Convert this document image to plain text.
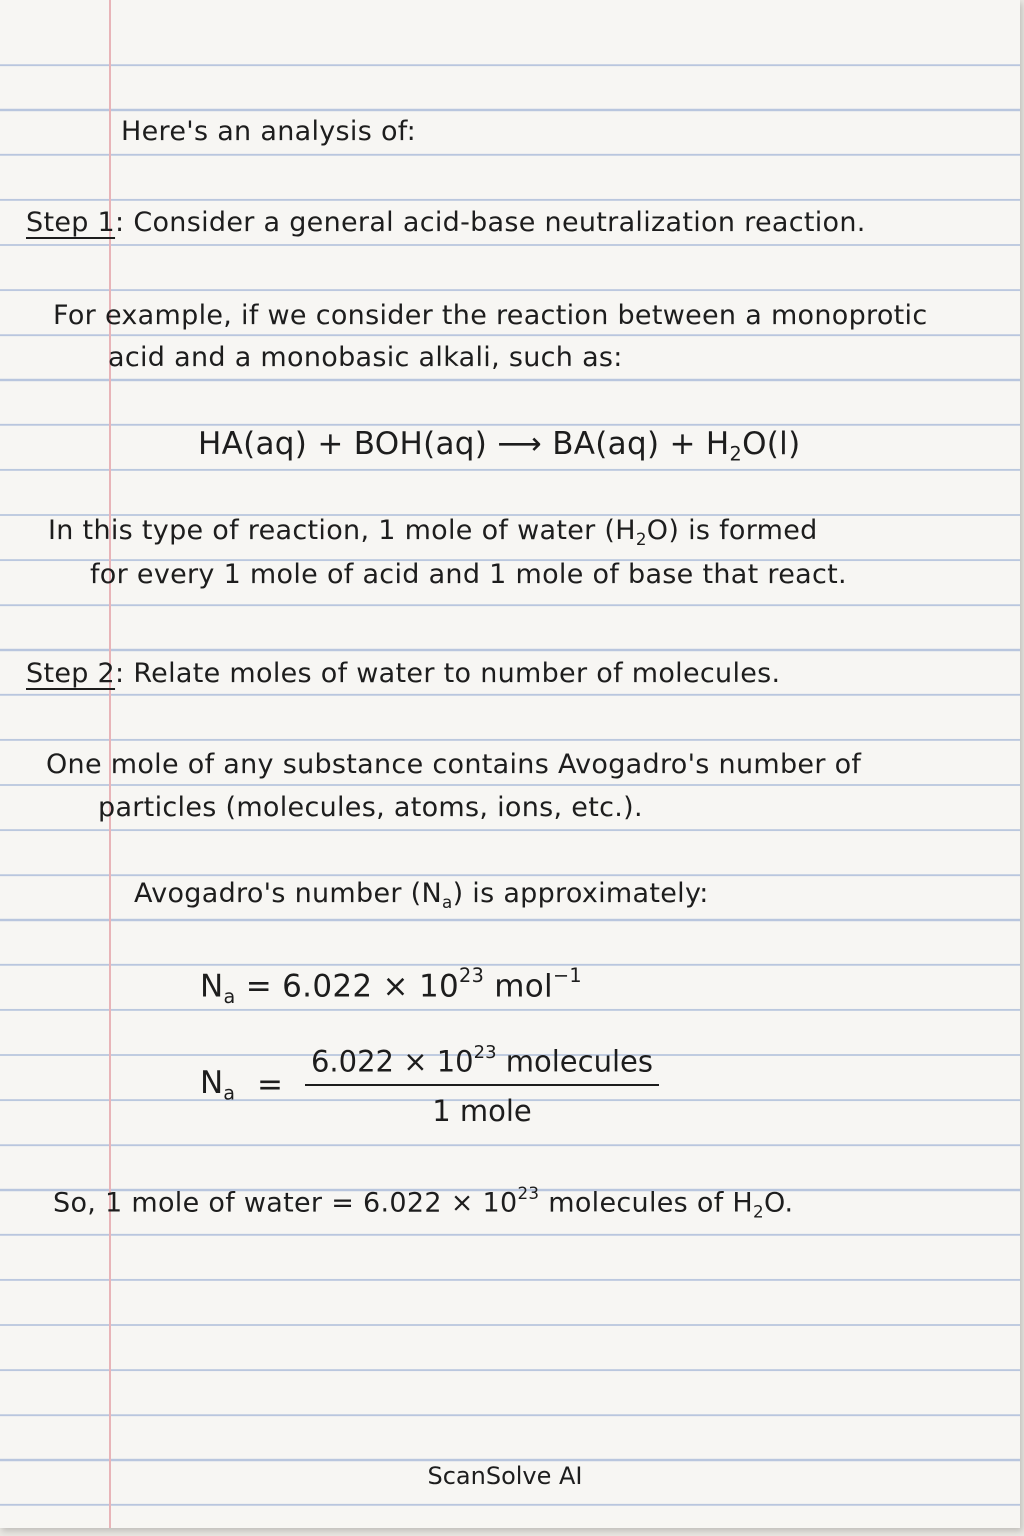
Here's an analysis of:

Step 1: Consider a general acid-base neutralization reaction.

For example, if we consider the reaction between a monoprotic

acid and a monobasic alkali, such as:

HA(aq) + BOH(aq) ⟶ $BA(aq) + H_2O(l)$

In this type of reaction, 1 mole of water $(H_2O)$ is formed

for every 1 mole of acid and 1 mole of base that react.

Step 2: Relate moles of water to number of molecules.

One mole of any substance contains Avogadro's number of

particles (molecules, atoms, ions, etc.).

Avogadro's number $(N_a)$ is approximately:

$N_a = 6.022 \times 10^{23}$ mol$^{-1}$

$N_a = \frac{6.022 \times 10^{23} molecules}{\text{1 mole}}$

So, 1 mole of water = $6.022 \times 10^{23}$ molecules of $H_2O$.

ScanSolve AI
